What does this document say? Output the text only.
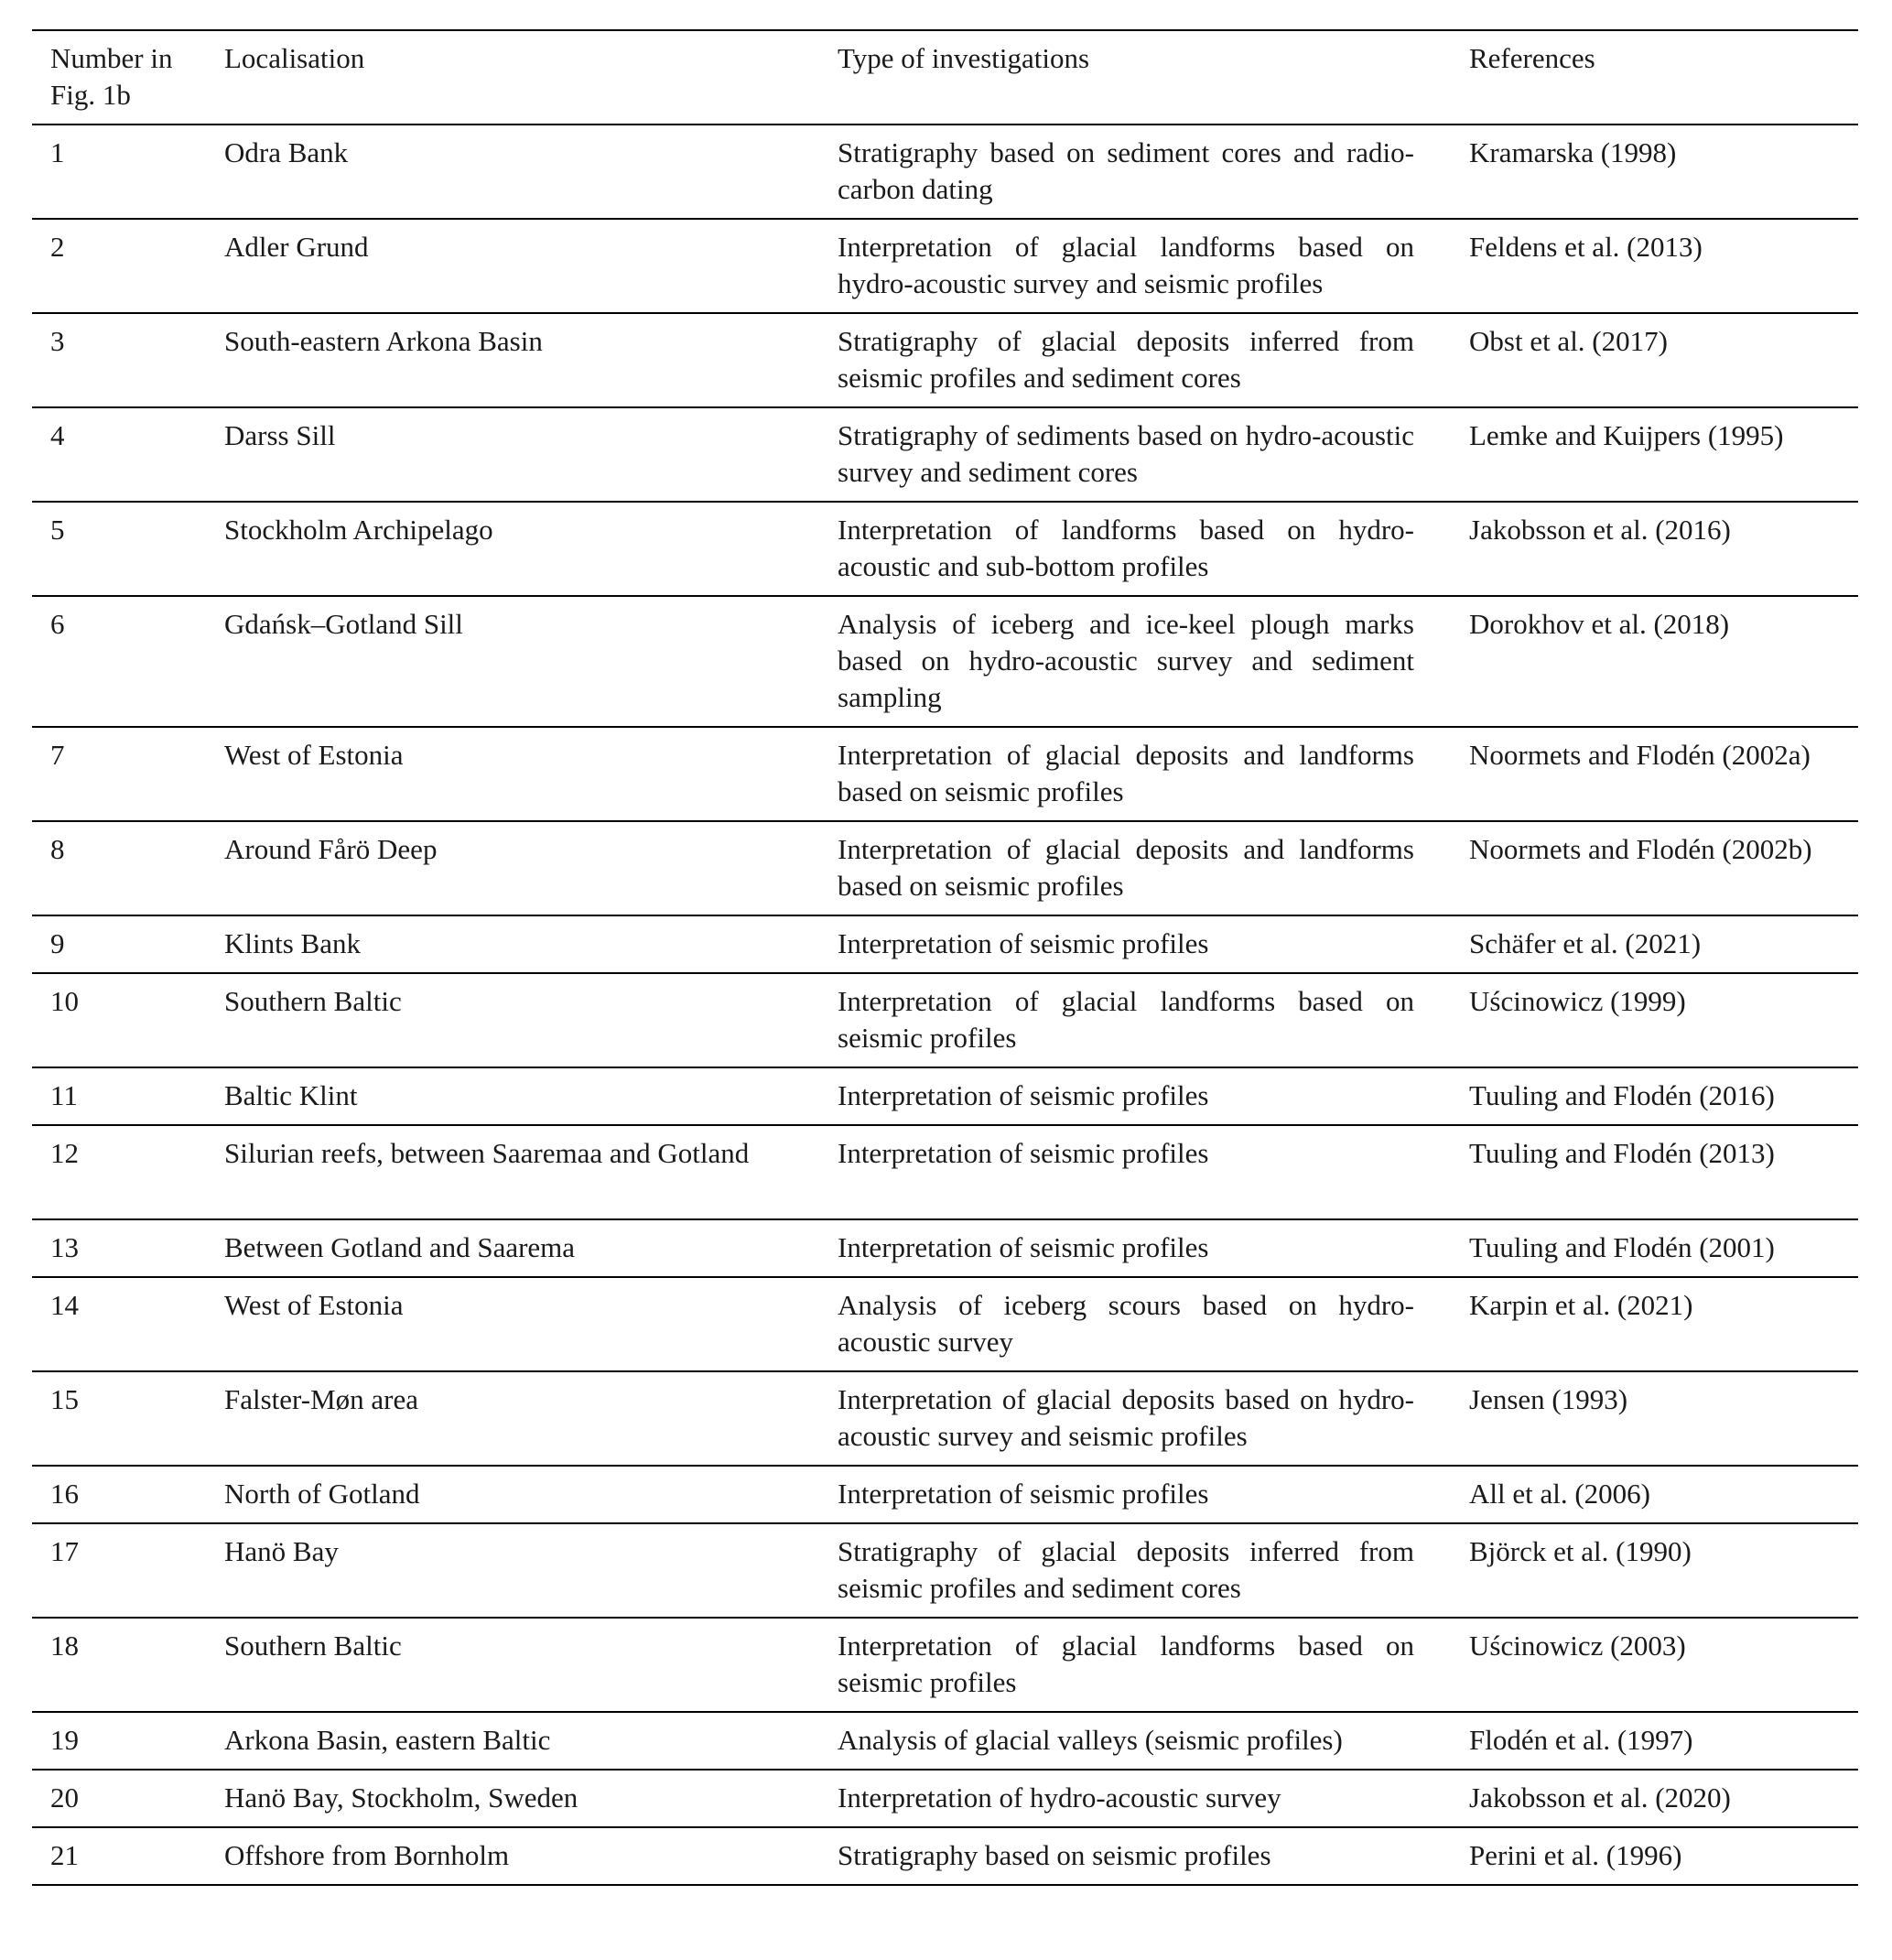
Number in Fig. 1b	Localisation	Type of investigations	References
1	Odra Bank	Stratigraphy based on sediment cores and radio-carbon dating	Kramarska (1998)
2	Adler Grund	Interpretation of glacial landforms based on hydro-acoustic survey and seismic profiles	Feldens et al. (2013)
3	South-eastern Arkona Basin	Stratigraphy of glacial deposits inferred from seismic profiles and sediment cores	Obst et al. (2017)
4	Darss Sill	Stratigraphy of sediments based on hydro-acoustic survey and sediment cores	Lemke and Kuijpers (1995)
5	Stockholm Archipelago	Interpretation of landforms based on hydro-acoustic and sub-bottom profiles	Jakobsson et al. (2016)
6	Gdańsk–Gotland Sill	Analysis of iceberg and ice-keel plough marks based on hydro-acoustic survey and sediment sampling	Dorokhov et al. (2018)
7	West of Estonia	Interpretation of glacial deposits and landforms based on seismic profiles	Noormets and Flodén (2002a)
8	Around Fårö Deep	Interpretation of glacial deposits and landforms based on seismic profiles	Noormets and Flodén (2002b)
9	Klints Bank	Interpretation of seismic profiles	Schäfer et al. (2021)
10	Southern Baltic	Interpretation of glacial landforms based on seismic profiles	Uścinowicz (1999)
11	Baltic Klint	Interpretation of seismic profiles	Tuuling and Flodén (2016)
12	Silurian reefs, between Saaremaa and Gotland	Interpretation of seismic profiles	Tuuling and Flodén (2013)
13	Between Gotland and Saarema	Interpretation of seismic profiles	Tuuling and Flodén (2001)
14	West of Estonia	Analysis of iceberg scours based on hydro-acoustic survey	Karpin et al. (2021)
15	Falster-Møn area	Interpretation of glacial deposits based on hydro-acoustic survey and seismic profiles	Jensen (1993)
16	North of Gotland	Interpretation of seismic profiles	All et al. (2006)
17	Hanö Bay	Stratigraphy of glacial deposits inferred from seismic profiles and sediment cores	Björck et al. (1990)
18	Southern Baltic	Interpretation of glacial landforms based on seismic profiles	Uścinowicz (2003)
19	Arkona Basin, eastern Baltic	Analysis of glacial valleys (seismic profiles)	Flodén et al. (1997)
20	Hanö Bay, Stockholm, Sweden	Interpretation of hydro-acoustic survey	Jakobsson et al. (2020)
21	Offshore from Bornholm	Stratigraphy based on seismic profiles	Perini et al. (1996)
